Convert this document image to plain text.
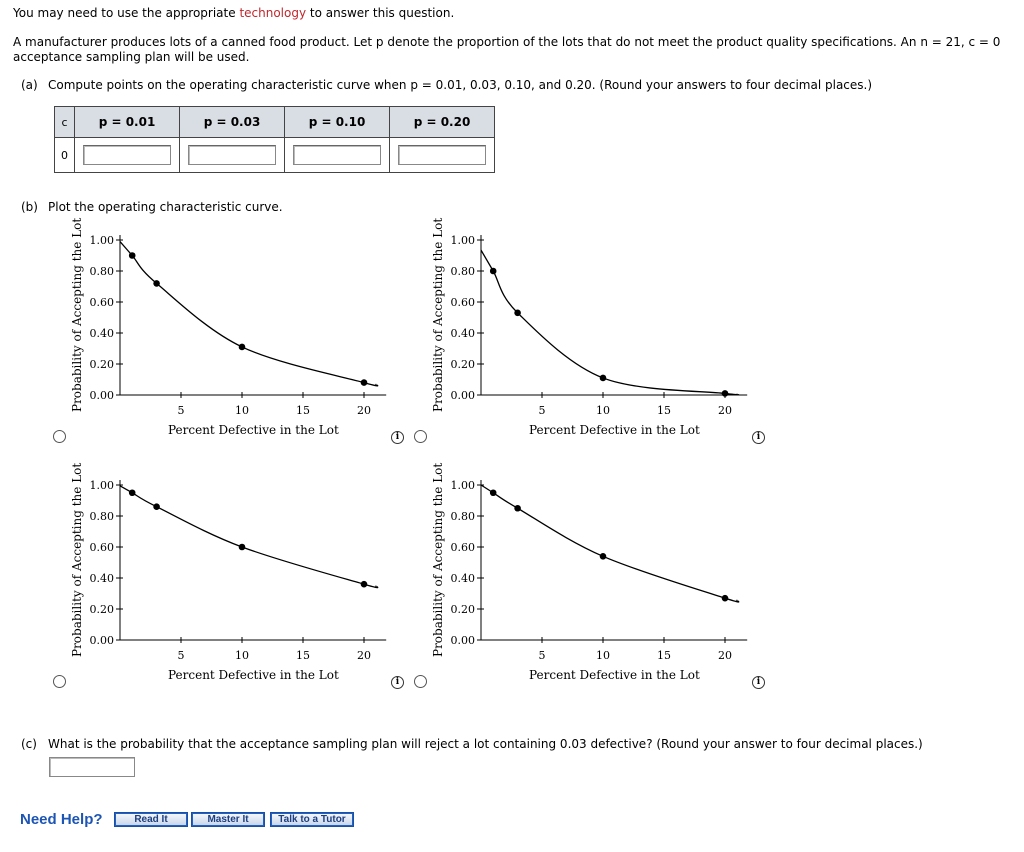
You may need to use the appropriate technology to answer this question.
A manufacturer produces lots of a canned food product. Let p denote the proportion of the lots that do not meet the product quality specifications. An n = 21, c = 0
acceptance sampling plan will be used.
(a) Compute points on the operating characteristic curve when p = 0.01, 0.03, 0.10, and 0.20. (Round your answers to four decimal places.)
c	p = 0.01	p = 0.03	p = 0.10	p = 0.20
0				
(b) Plot the operating characteristic curve.
1.00
0.80
0.60
0.40
0.20
0.00
5	10	15	20
Probability of Accepting the Lot
Percent Defective in the Lot
1.00
0.80
0.60
0.40
0.20
0.00
5	10	15	20
Probability of Accepting the Lot
Percent Defective in the Lot
1.00
0.80
0.60
0.40
0.20
0.00
5	10	15	20
Probability of Accepting the Lot
Percent Defective in the Lot
1.00
0.80
0.60
0.40
0.20
0.00
5	10	15	20
Probability of Accepting the Lot
Percent Defective in the Lot
i	i
i	i
(c) What is the probability that the acceptance sampling plan will reject a lot containing 0.03 defective? (Round your answer to four decimal places.)
Need Help?	Read It	Master It	Talk to a Tutor
